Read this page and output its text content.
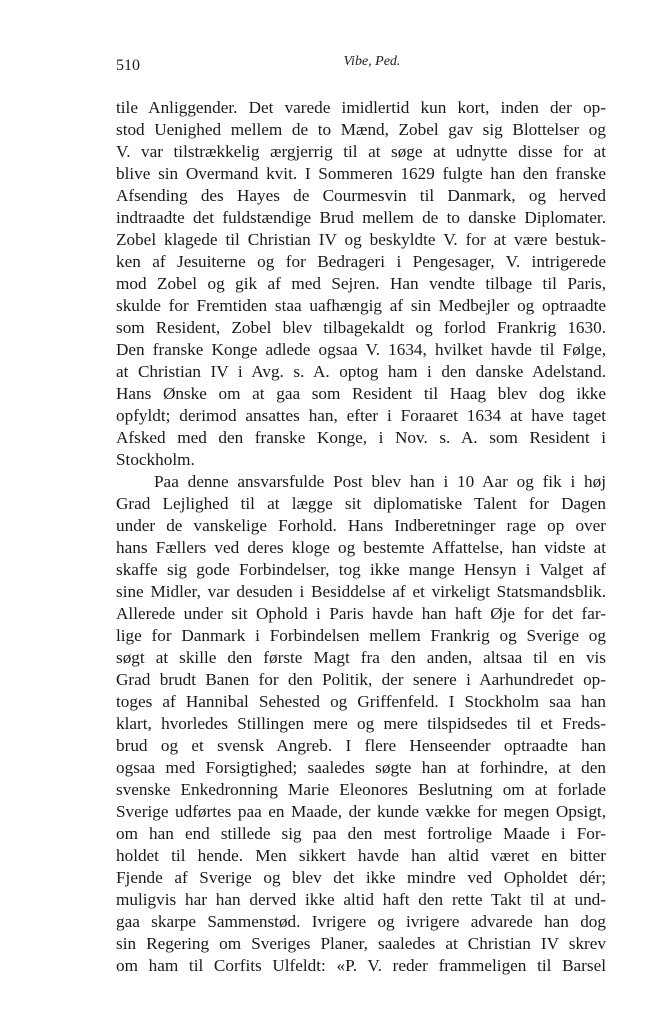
510	Vibe, Ped.
tile Anliggender. Det varede imidlertid kun kort, inden der op-
stod Uenighed mellem de to Mænd, Zobel gav sig Blottelser og
V. var tilstrækkelig ærgjerrig til at søge at udnytte disse for at
blive sin Overmand kvit. I Sommeren 1629 fulgte han den franske
Afsending des Hayes de Courmesvin til Danmark, og herved
indtraadte det fuldstændige Brud mellem de to danske Diplomater.
Zobel klagede til Christian IV og beskyldte V. for at være bestuk-
ken af Jesuiterne og for Bedrageri i Pengesager, V. intrigerede
mod Zobel og gik af med Sejren. Han vendte tilbage til Paris,
skulde for Fremtiden staa uafhængig af sin Medbejler og optraadte
som Resident, Zobel blev tilbagekaldt og forlod Frankrig 1630.
Den franske Konge adlede ogsaa V. 1634, hvilket havde til Følge,
at Christian IV i Avg. s. A. optog ham i den danske Adelstand.
Hans Ønske om at gaa som Resident til Haag blev dog ikke
opfyldt; derimod ansattes han, efter i Foraaret 1634 at have taget
Afsked med den franske Konge, i Nov. s. A. som Resident i
Stockholm.
Paa denne ansvarsfulde Post blev han i 10 Aar og fik i høj
Grad Lejlighed til at lægge sit diplomatiske Talent for Dagen
under de vanskelige Forhold. Hans Indberetninger rage op over
hans Fællers ved deres kloge og bestemte Affattelse, han vidste at
skaffe sig gode Forbindelser, tog ikke mange Hensyn i Valget af
sine Midler, var desuden i Besiddelse af et virkeligt Statsmandsblik.
Allerede under sit Ophold i Paris havde han haft Øje for det far-
lige for Danmark i Forbindelsen mellem Frankrig og Sverige og
søgt at skille den første Magt fra den anden, altsaa til en vis
Grad brudt Banen for den Politik, der senere i Aarhundredet op-
toges af Hannibal Sehested og Griffenfeld. I Stockholm saa han
klart, hvorledes Stillingen mere og mere tilspidsedes til et Freds-
brud og et svensk Angreb. I flere Henseender optraadte han
ogsaa med Forsigtighed; saaledes søgte han at forhindre, at den
svenske Enkedronning Marie Eleonores Beslutning om at forlade
Sverige udførtes paa en Maade, der kunde vække for megen Opsigt,
om han end stillede sig paa den mest fortrolige Maade i For-
holdet til hende. Men sikkert havde han altid været en bitter
Fjende af Sverige og blev det ikke mindre ved Opholdet dér;
muligvis har han derved ikke altid haft den rette Takt til at und-
gaa skarpe Sammenstød. Ivrigere og ivrigere advarede han dog
sin Regering om Sveriges Planer, saaledes at Christian IV skrev
om ham til Corfits Ulfeldt: «P. V. reder frammeligen til Barsel
